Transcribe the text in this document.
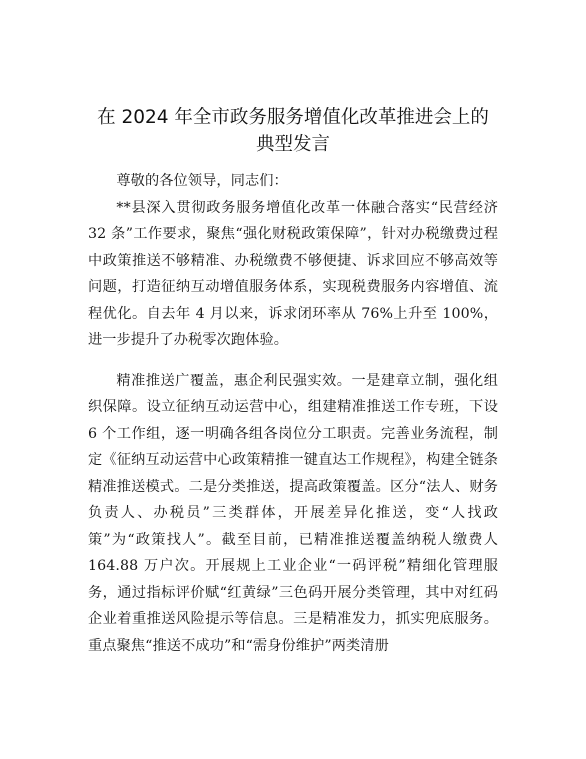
在 2024 年全市政务服务增值化改革推进会上的
典型发言

尊敬的各位领导，同志们：

**县深入贯彻政务服务增值化改革一体融合落实“民营经济 32 条”工作要求，聚焦“强化财税政策保障”，针对办税缴费过程中政策推送不够精准、办税缴费不够便捷、诉求回应不够高效等问题，打造征纳互动增值服务体系，实现税费服务内容增值、流程优化。自去年 4 月以来，诉求闭环率从 76%上升至 100%，进一步提升了办税零次跑体验。

精准推送广覆盖，惠企利民强实效。一是建章立制，强化组织保障。设立征纳互动运营中心，组建精准推送工作专班，下设 6 个工作组，逐一明确各组各岗位分工职责。完善业务流程，制定《征纳互动运营中心政策精推一键直达工作规程》，构建全链条精准推送模式。二是分类推送，提高政策覆盖。区分“法人、财务负责人、办税员”三类群体，开展差异化推送，变“人找政策”为“政策找人”。截至目前，已精准推送覆盖纳税人缴费人 164.88 万户次。开展规上工业企业“一码评税”精细化管理服务，通过指标评价赋“红黄绿”三色码开展分类管理，其中对红码企业着重推送风险提示等信息。三是精准发力，抓实兜底服务。重点聚焦“推送不成功”和“需身份维护”两类清册
